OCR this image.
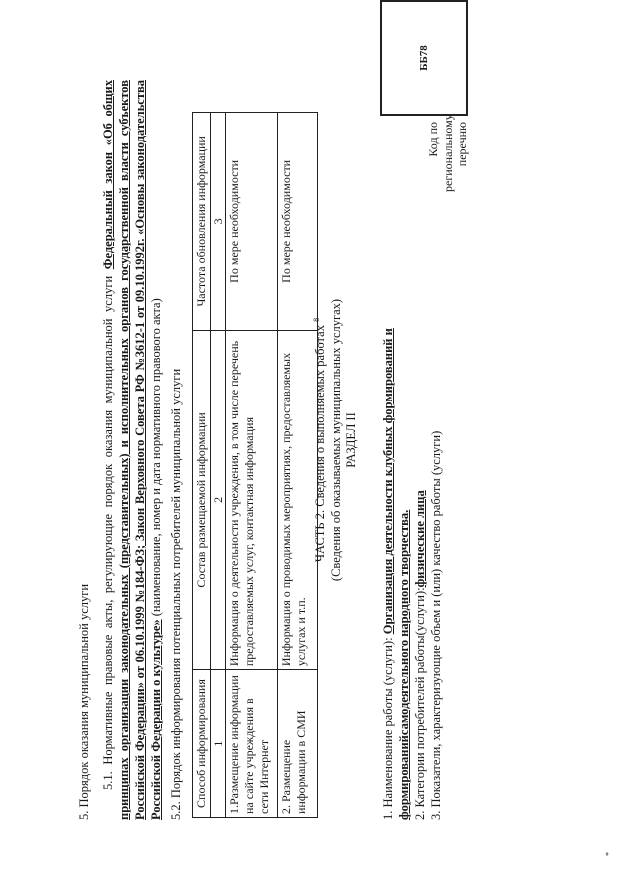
5. Порядок оказания муниципальной услуги 5.1. Нормативные правовые акты, регулирующие порядок оказания муниципальной услуги Федеральный закон «Об общих принципах организации законодательных (представительных) и исполнительных органов государственной власти субъектов Российской Федерации» от 06.10.1999 №184-ФЗ; Закон Верховного Совета РФ №3612-1 от 09.10.1992г. «Основы законодательства Российской Федерации о культуре» (наименование, номер и дата нормативного правового акта) 5.2. Порядок информирования потенциальных потребителей муниципальной услуги Способ информирования	Состав размещаемой информации	Частота обновления информации
1	2	3
1.Размещение информации на сайте учреждения в сети Интернет	Информация о деятельности учреждения, в том числе перечень предоставляемых услуг, контактная информация	По мере необходимости
2. Размещение информации в СМИ	Информация о проводимых мероприятиях, предоставляемых услугах и т.п.	По мере необходимости
ЧАСТЬ 2. Сведения о выполняемых работах $^8$ (Сведения об оказываемых муниципальных услугах) РАЗДЕЛ II
Код по региональному перечню
ББ78
1. Наименование работы (услуги): Организация деятельности клубных формирований и формированийсамодеятельного народного творчества. 2. Категории потребителей работы(услуги):физические лица 3. Показатели, характеризующие объем и (или) качество работы (услуги)
*
